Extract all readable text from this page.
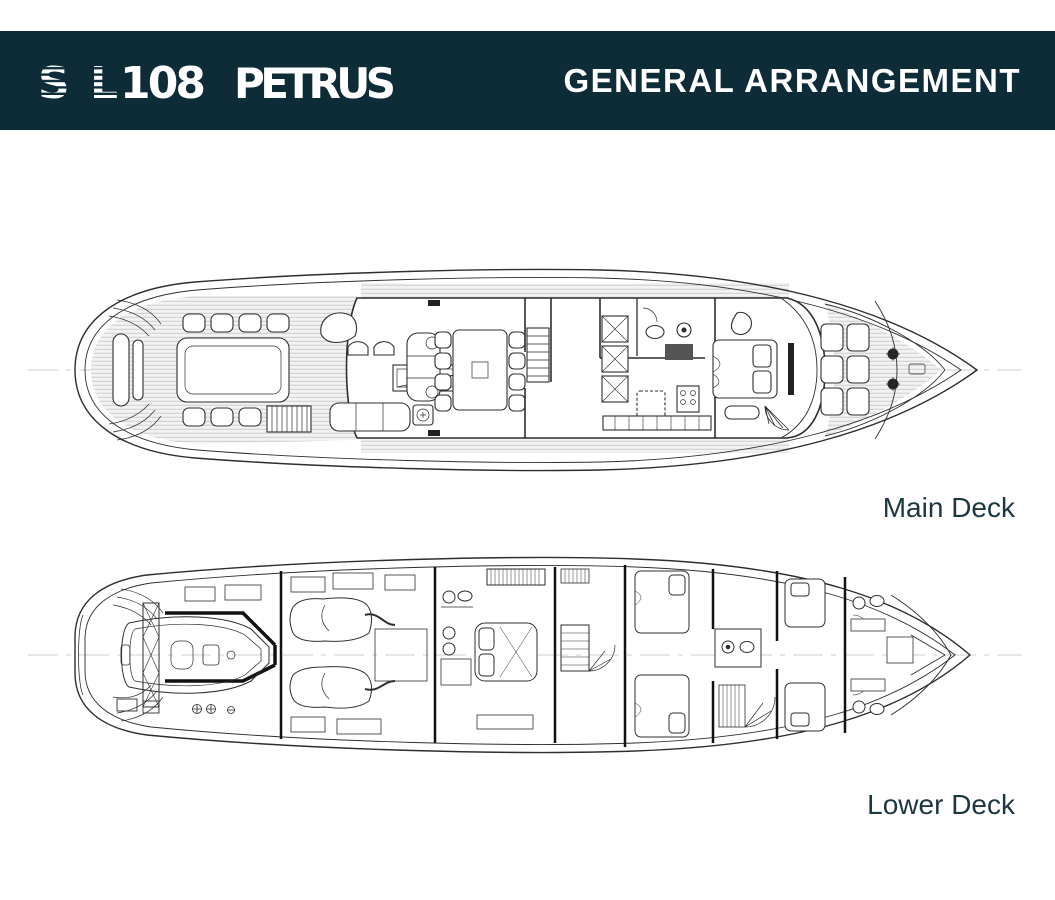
SL 108 PETRUS	GENERAL ARRANGEMENT
Main Deck
Lower Deck
